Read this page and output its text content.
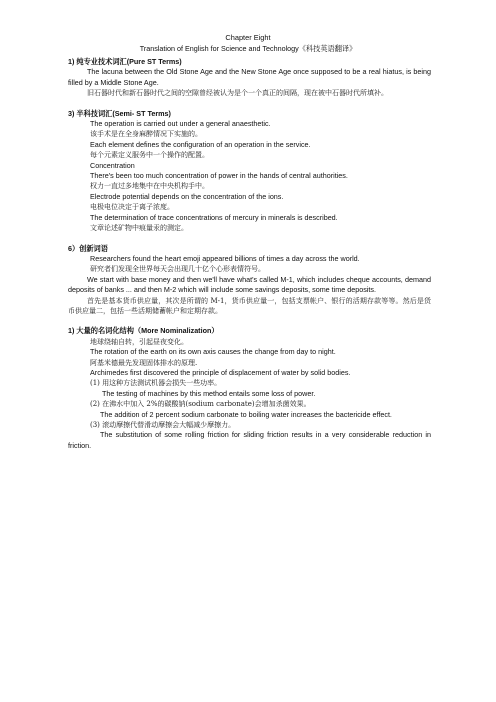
Chapter Eight
Translation of English for Science and Technology《科技英语翻译》

1) 纯专业技术词汇(Pure ST Terms)

The lacuna between the Old Stone Age and the New Stone Age once supposed to be a real hiatus, is being filled by a Middle Stone Age.

旧石器时代和新石器时代之间的空隙曾经被认为是个一个真正的间隔，现在被中石器时代所填补。

3) 半科技词汇(Semi- ST Terms)

The operation is carried out under a general anaesthetic.

该手术是在全身麻醉情况下实施的。

Each element defines the configuration of an operation in the service.

每个元素定义服务中一个操作的配置。

Concentration

There's been too much concentration of power in the hands of central authorities.

权力一直过多地集中在中央机构手中。

Electrode potential depends on the concentration of the ions.

电极电位决定于离子浓度。

The determination of trace concentrations of mercury in minerals is described.

文章论述矿物中痕量汞的测定。

6）创新词语

Researchers found the heart emoji appeared billions of times a day across the world.

研究者们发现全世界每天会出现几十亿个心形表情符号。

We start with base money and then we'll have what's called M-1, which includes cheque accounts, demand deposits of banks ... and then M-2 which will include some savings deposits, some time deposits.

首先是基本货币供应量，其次是所谓的 M-1，货币供应量一，包括支票帐户、银行的活期存款等等。然后是货币供应量二，包括一些活期储蓄帐户和定期存款。

1) 大量的名词化结构（More Nominalization）

地球绕轴自转，引起昼夜变化。

The rotation of the earth on its own axis causes the change from day to night.

阿基米德最先发现固体排水的原理.

Archimedes first discovered the principle of displacement of water by solid bodies.

(1) 用这种方法测试机器会损失一些功率。

The testing of machines by this method entails some loss of power.

(2) 在沸水中加入 2%的碳酸钠(sodium carbonate)会增加杀菌效果。

The addition of 2 percent sodium carbonate to boiling water increases the bactericide effect.

(3) 滚动摩擦代替滑动摩擦会大幅减少摩擦力。

The substitution of some rolling friction for sliding friction results in a very considerable reduction in friction.
